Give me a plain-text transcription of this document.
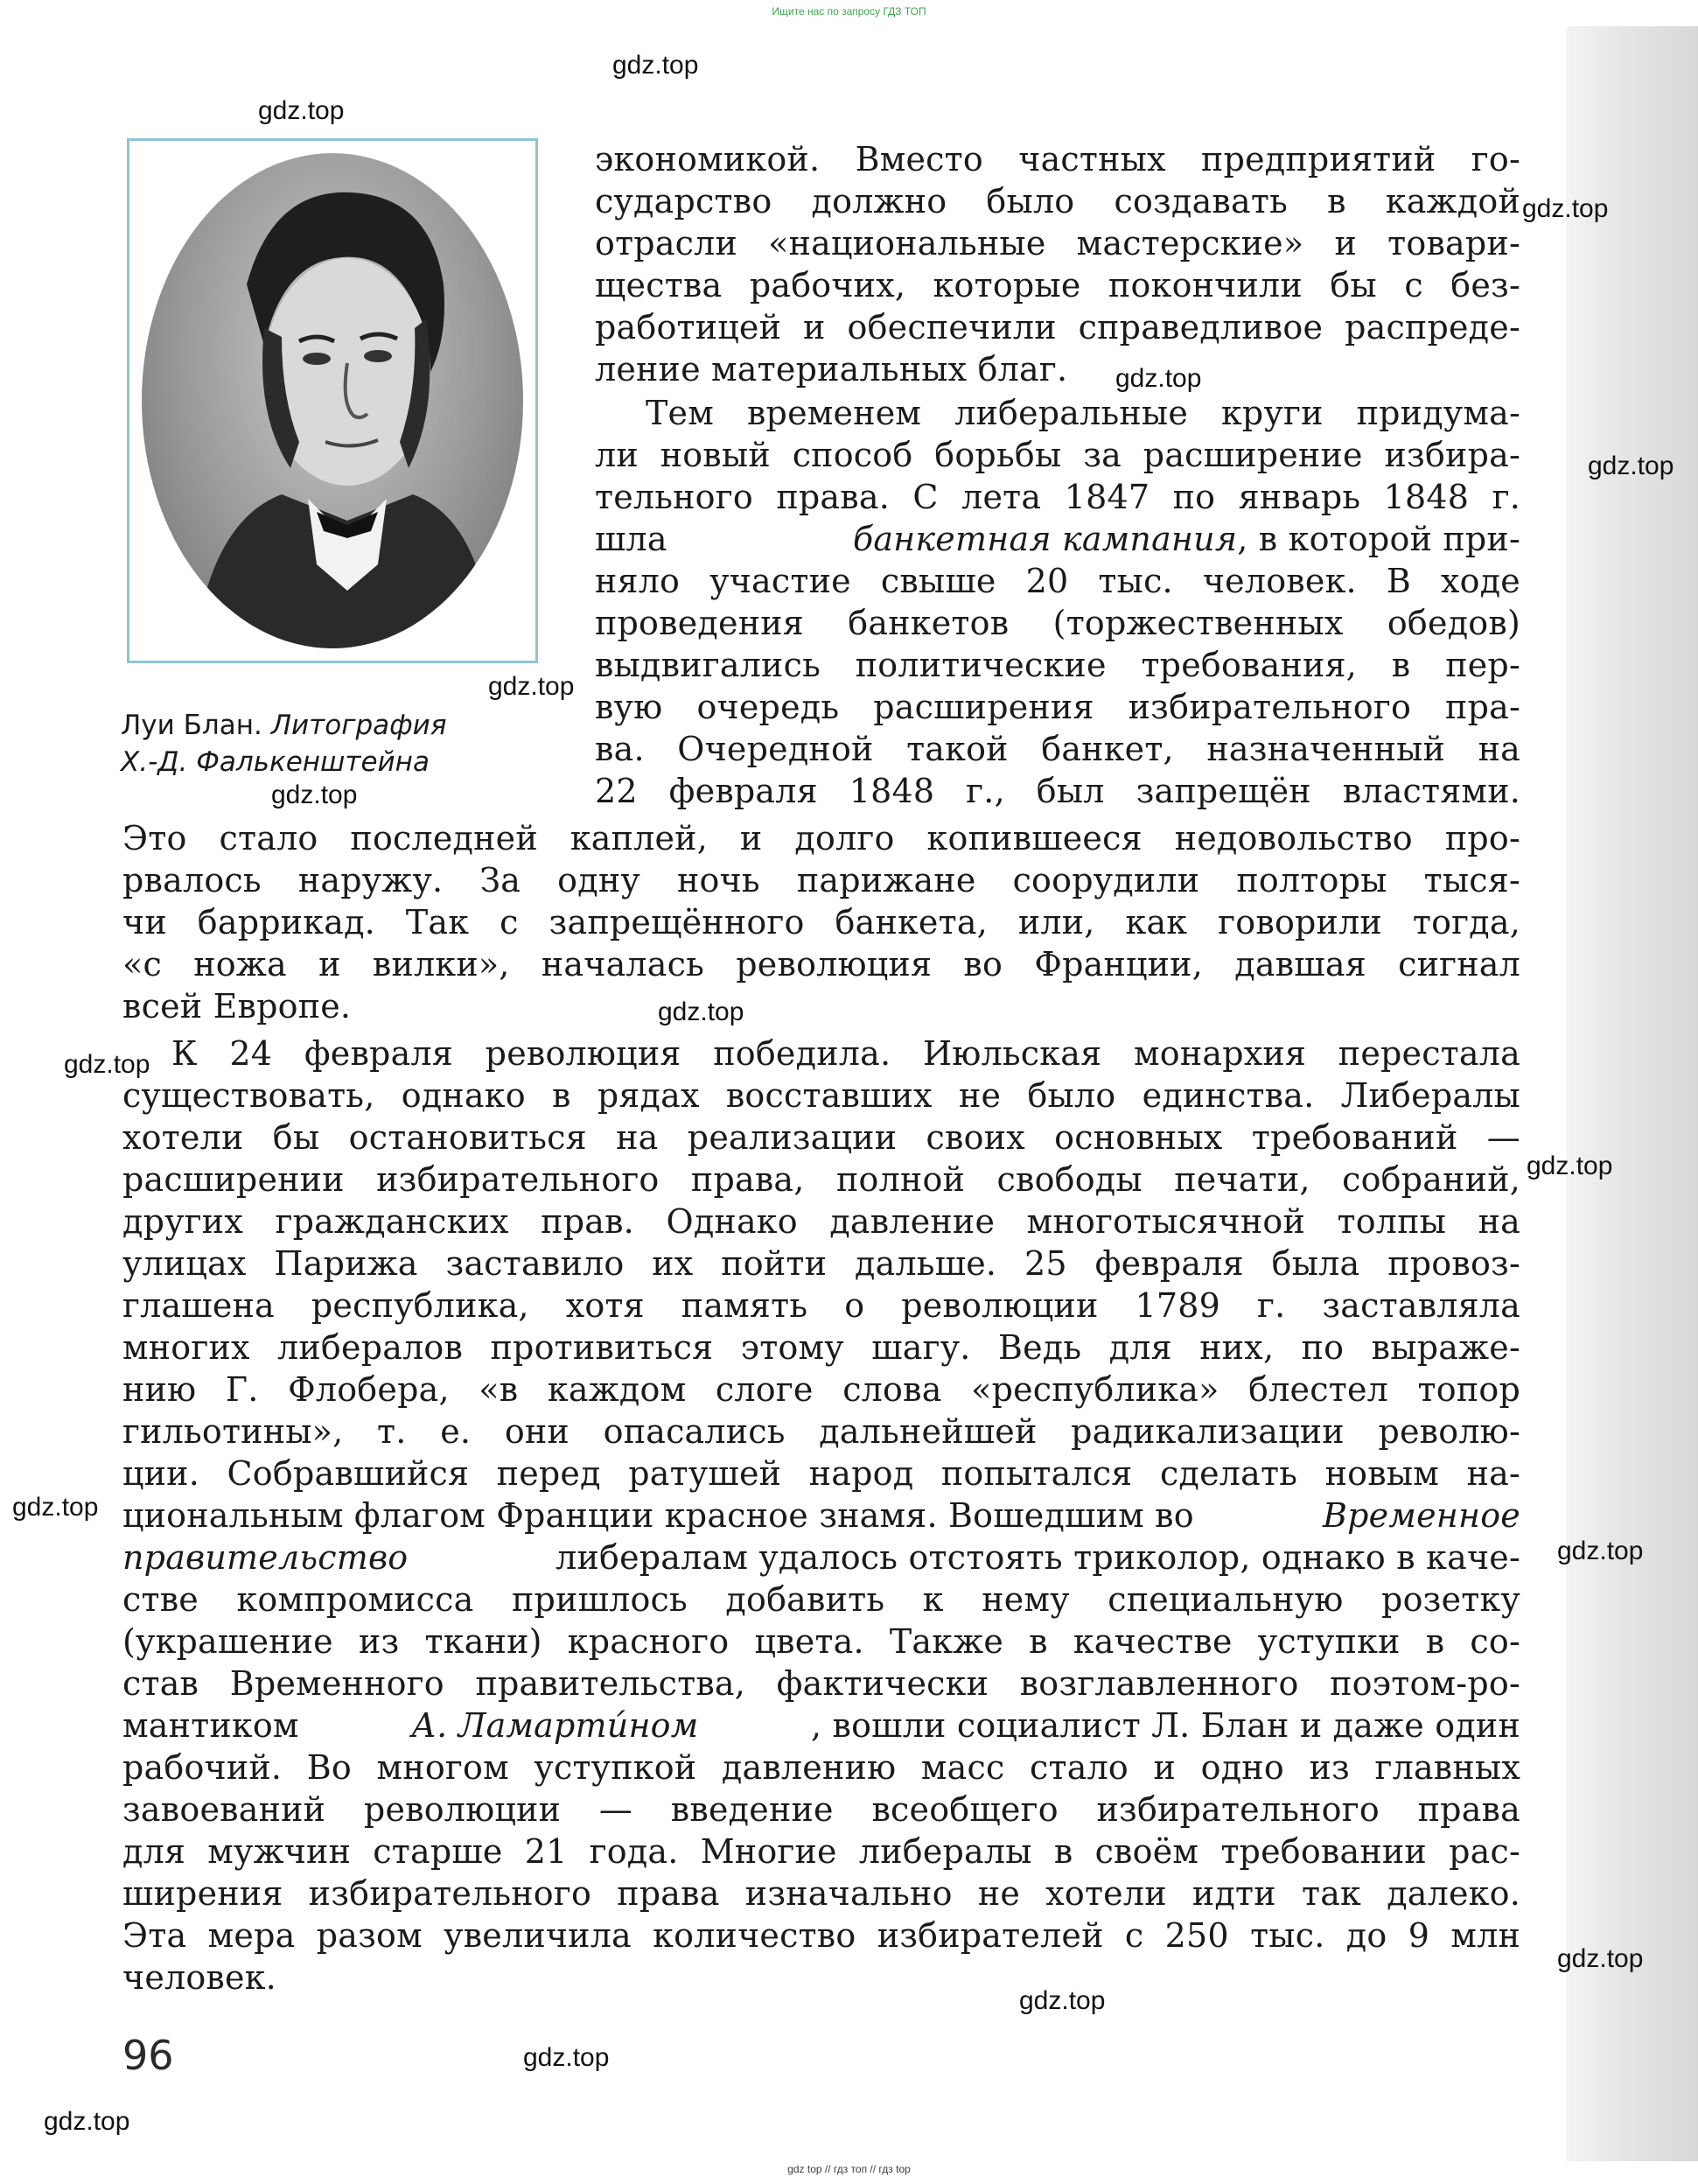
Ищите нас по запросу ГДЗ ТОП
Луи Блан. Литография
Х.-Д. Фалькенштейна
экономикой. Вместо частных предприятий го-
сударство должно было создавать в каждой
отрасли «национальные мастерские» и товари-
щества рабочих, которые покончили бы с без-
работицей и обеспечили справедливое распреде-
ление материальных благ.
Тем временем либеральные круги придума-
ли новый способ борьбы за расширение избира-
тельного права. С лета 1847 по январь 1848 г.
шла	банкетная кампания, в которой при-
няло участие свыше 20 тыс. человек. В ходе
проведения банкетов (торжественных обедов)
выдвигались политические требования, в пер-
вую очередь расширения избирательного пра-
ва. Очередной такой банкет, назначенный на
22 февраля 1848 г., был запрещён властями.
Это стало последней каплей, и долго копившееся недовольство про-
рвалось наружу. За одну ночь парижане соорудили полторы тыся-
чи баррикад. Так с запрещённого банкета, или, как говорили тогда,
«с ножа и вилки», началась революция во Франции, давшая сигнал
всей Европе.
К 24 февраля революция победила. Июльская монархия перестала
существовать, однако в рядах восставших не было единства. Либералы
хотели бы остановиться на реализации своих основных требований —
расширении избирательного права, полной свободы печати, собраний,
других гражданских прав. Однако давление многотысячной толпы на
улицах Парижа заставило их пойти дальше. 25 февраля была провоз-
глашена республика, хотя память о революции 1789 г. заставляла
многих либералов противиться этому шагу. Ведь для них, по выраже-
нию Г. Флобера, «в каждом слоге слова «республика» блестел топор
гильотины», т. е. они опасались дальнейшей радикализации револю-
ции. Собравшийся перед ратушей народ попытался сделать новым на-
циональным флагом Франции красное знамя. Вошедшим во	Временное
правительство	либералам удалось отстоять триколор, однако в каче-
стве компромисса пришлось добавить к нему специальную розетку
(украшение из ткани) красного цвета. Также в качестве уступки в со-
став Временного правительства, фактически возглавленного поэтом-ро-
мантиком	А. Ламарти́ном	, вошли социалист Л. Блан и даже один
рабочий. Во многом уступкой давлению масс стало и одно из главных
завоеваний революции — введение всеобщего избирательного права
для мужчин старше 21 года. Многие либералы в своём требовании рас-
ширения избирательного права изначально не хотели идти так далеко.
Эта мера разом увеличила количество избирателей с 250 тыс. до 9 млн
человек.
96
gdz.top
gdz.top
gdz.top
gdz.top
gdz.top
gdz.top
gdz.top
gdz.top
gdz.top
gdz.top
gdz.top
gdz.top
gdz.top
gdz.top
gdz.top
gdz.top
gdz top // гдз топ // гдз top
